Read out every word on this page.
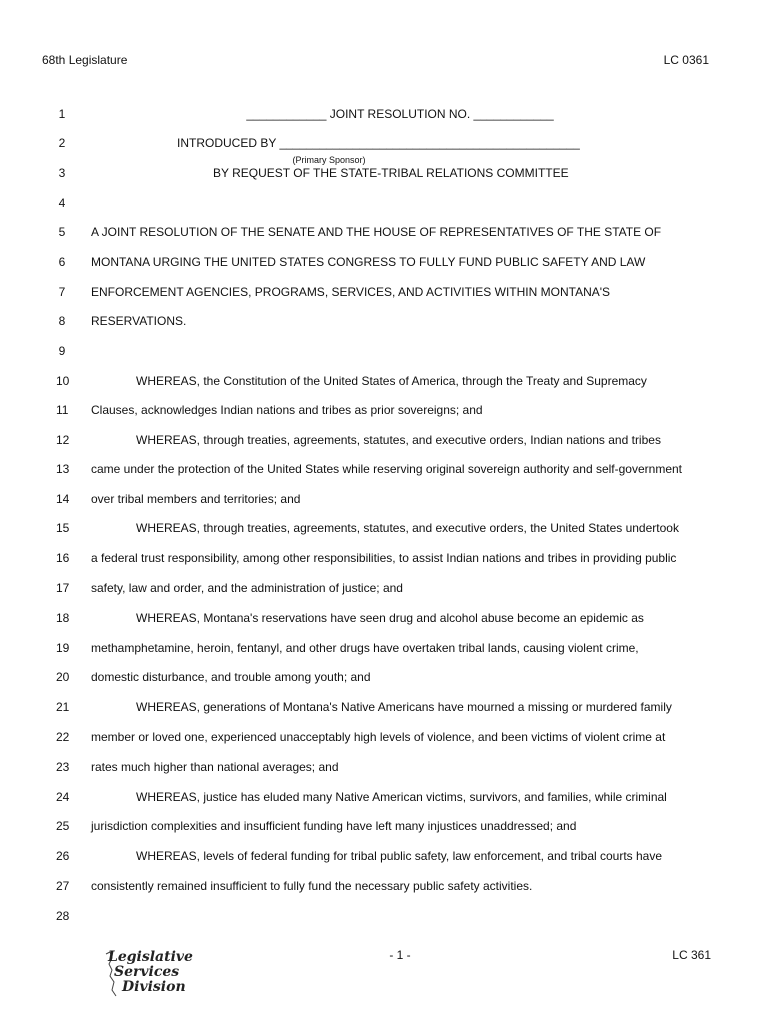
68th Legislature	LC 0361
1	____________ JOINT RESOLUTION NO. ____________
2	INTRODUCED BY _____________________________________________
(Primary Sponsor)
3	BY REQUEST OF THE STATE-TRIBAL RELATIONS COMMITTEE
4
5 A JOINT RESOLUTION OF THE SENATE AND THE HOUSE OF REPRESENTATIVES OF THE STATE OF
6 MONTANA URGING THE UNITED STATES CONGRESS TO FULLY FUND PUBLIC SAFETY AND LAW
7 ENFORCEMENT AGENCIES, PROGRAMS, SERVICES, AND ACTIVITIES WITHIN MONTANA'S
8 RESERVATIONS.
9
10	WHEREAS, the Constitution of the United States of America, through the Treaty and Supremacy
11 Clauses, acknowledges Indian nations and tribes as prior sovereigns; and
12	WHEREAS, through treaties, agreements, statutes, and executive orders, Indian nations and tribes
13 came under the protection of the United States while reserving original sovereign authority and self-government
14 over tribal members and territories; and
15	WHEREAS, through treaties, agreements, statutes, and executive orders, the United States undertook
16 a federal trust responsibility, among other responsibilities, to assist Indian nations and tribes in providing public
17 safety, law and order, and the administration of justice; and
18	WHEREAS, Montana's reservations have seen drug and alcohol abuse become an epidemic as
19 methamphetamine, heroin, fentanyl, and other drugs have overtaken tribal lands, causing violent crime,
20 domestic disturbance, and trouble among youth; and
21	WHEREAS, generations of Montana's Native Americans have mourned a missing or murdered family
22 member or loved one, experienced unacceptably high levels of violence, and been victims of violent crime at
23 rates much higher than national averages; and
24	WHEREAS, justice has eluded many Native American victims, survivors, and families, while criminal
25 jurisdiction complexities and insufficient funding have left many injustices unaddressed; and
26	WHEREAS, levels of federal funding for tribal public safety, law enforcement, and tribal courts have
27 consistently remained insufficient to fully fund the necessary public safety activities.
28
Legislative
Services
Division
- 1 -	LC 361
